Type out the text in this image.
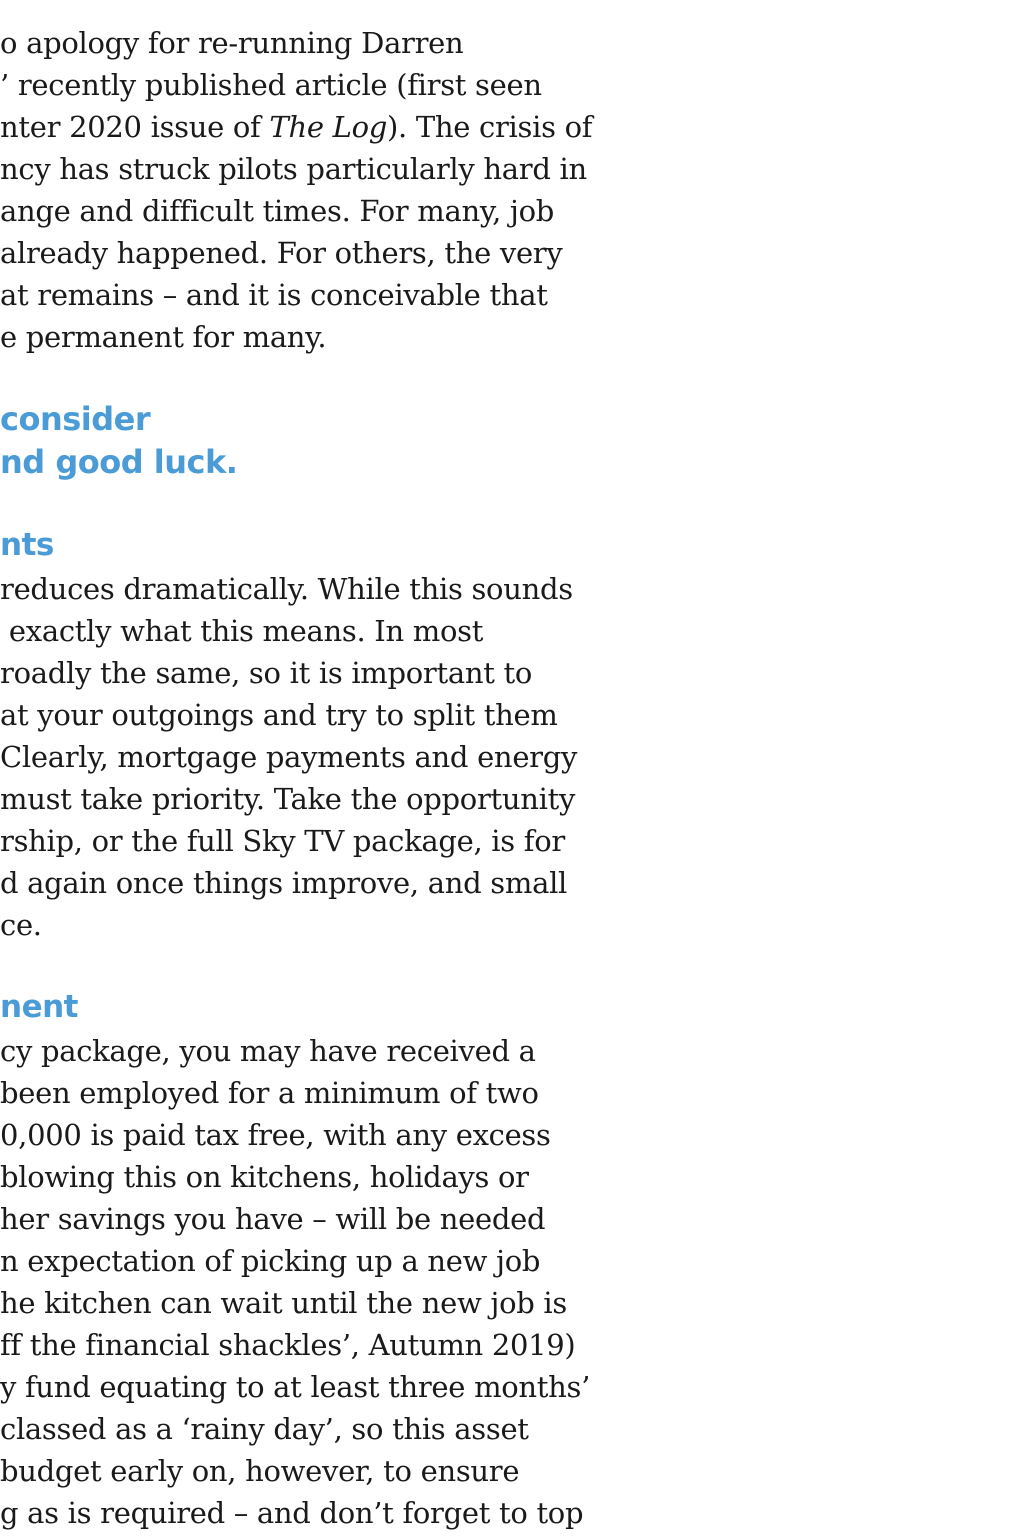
o apology for re-running Darren
’ recently published article (first seen
nter 2020 issue of The Log). The crisis of
ncy has struck pilots particularly hard in
ange and difficult times. For many, job
already happened. For others, the very
at remains – and it is conceivable that
e permanent for many.
consider
nd good luck.
nts
reduces dramatically. While this sounds
exactly what this means. In most
roadly the same, so it is important to
at your outgoings and try to split them
Clearly, mortgage payments and energy
must take priority. Take the opportunity
rship, or the full Sky TV package, is for
d again once things improve, and small
ce.
nent
cy package, you may have received a
been employed for a minimum of two
0,000 is paid tax free, with any excess
blowing this on kitchens, holidays or
her savings you have – will be needed
n expectation of picking up a new job
he kitchen can wait until the new job is
ff the financial shackles’, Autumn 2019)
y fund equating to at least three months’
classed as a ‘rainy day’, so this asset
budget early on, however, to ensure
g as is required – and don’t forget to top
